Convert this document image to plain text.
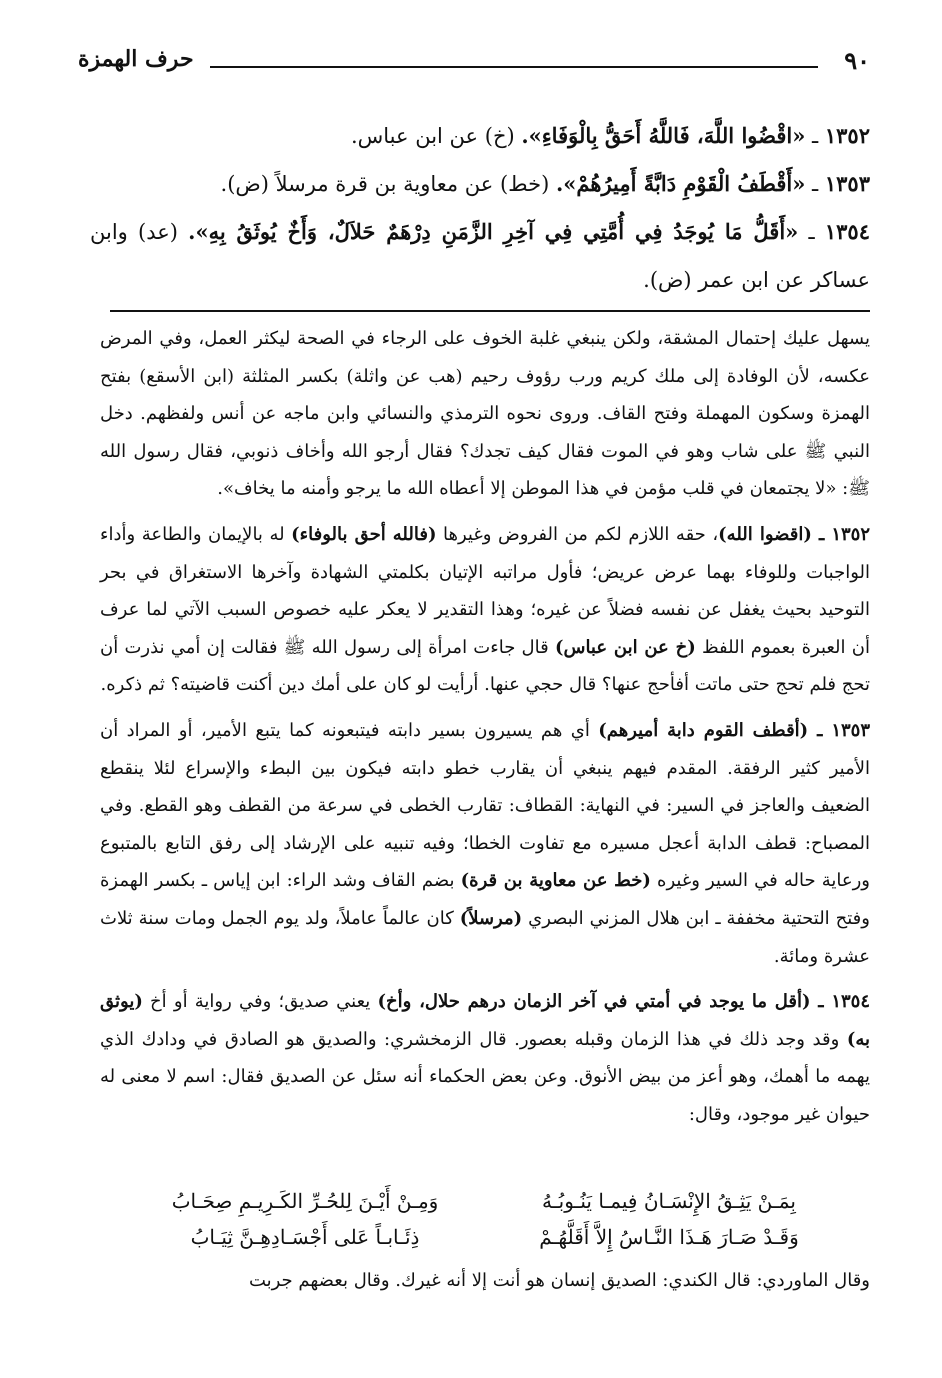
٩٠
حرف الهمزة

١٣٥٢ ـ «اقْضُوا اللَّهَ، فَاللَّهُ أَحَقُّ بِالْوَفَاءِ». (خ) عن ابن عباس.

١٣٥٣ ـ «أَقْطَفُ الْقَوْمِ دَابَّةً أَمِيرُهُمْ». (خط) عن معاوية بن قرة مرسلاً (ض).

١٣٥٤ ـ «أَقَلُّ مَا يُوجَدُ فِي أُمَّتِي فِي آخِرِ الزَّمَنِ دِرْهَمٌ حَلاَلٌ، وَأَخٌ يُوثَقُ بِهِ». (عد) وابن عساكر عن ابن عمر (ض).

يسهل عليك إحتمال المشقة، ولكن ينبغي غلبة الخوف على الرجاء في الصحة ليكثر العمل، وفي المرض عكسه، لأن الوفادة إلى ملك كريم ورب رؤوف رحيم (هب عن واثلة) بكسر المثلثة (ابن الأسقع) بفتح الهمزة وسكون المهملة وفتح القاف. وروى نحوه الترمذي والنسائي وابن ماجه عن أنس ولفظهم. دخل النبي ﷺ على شاب وهو في الموت فقال كيف تجدك؟ فقال أرجو الله وأخاف ذنوبي، فقال رسول الله ﷺ: «لا يجتمعان في قلب مؤمن في هذا الموطن إلا أعطاه الله ما يرجو وأمنه ما يخاف».

١٣٥٢ ـ (اقضوا الله)، حقه اللازم لكم من الفروض وغيرها (فالله أحق بالوفاء) له بالإيمان والطاعة وأداء الواجبات وللوفاء بهما عرض عريض؛ فأول مراتبه الإتيان بكلمتي الشهادة وآخرها الاستغراق في بحر التوحيد بحيث يغفل عن نفسه فضلاً عن غيره؛ وهذا التقدير لا يعكر عليه خصوص السبب الآتي لما عرف أن العبرة بعموم اللفظ (خ عن ابن عباس) قال جاءت امرأة إلى رسول الله ﷺ فقالت إن أمي نذرت أن تحج فلم تحج حتى ماتت أفأحج عنها؟ قال حجي عنها. أرأيت لو كان على أمك دين أكنت قاضيته؟ ثم ذكره.

١٣٥٣ ـ (أقطف القوم دابة أميرهم) أي هم يسيرون بسير دابته فيتبعونه كما يتبع الأمير، أو المراد أن الأمير كثير الرفقة. المقدم فيهم ينبغي أن يقارب خطو دابته فيكون بين البطء والإسراع لئلا ينقطع الضعيف والعاجز في السير: في النهاية: القطاف: تقارب الخطى في سرعة من القطف وهو القطع. وفي المصباح: قطف الدابة أعجل مسيره مع تفاوت الخطا؛ وفيه تنبيه على الإرشاد إلى رفق التابع بالمتبوع ورعاية حاله في السير وغيره (خط عن معاوية بن قرة) بضم القاف وشد الراء: ابن إياس ـ بكسر الهمزة وفتح التحتية مخففة ـ ابن هلال المزني البصري (مرسلاً) كان عالماً عاملاً، ولد يوم الجمل ومات سنة ثلاث عشرة ومائة.

١٣٥٤ ـ (أقل ما يوجد في أمتي في آخر الزمان درهم حلال، وأخ) يعني صديق؛ وفي رواية أو أخ (يوثق به) وقد وجد ذلك في هذا الزمان وقبله بعصور. قال الزمخشري: والصديق هو الصادق في ودادك الذي يهمه ما أهمك، وهو أعز من بيض الأنوق. وعن بعض الحكماء أنه سئل عن الصديق فقال: اسم لا معنى له حيوان غير موجود، وقال:

بِمَـنْ يَثِـقُ الإِنْسَـانُ فِيمـا يَنُـوبُـهُ
وَمِـنْ أَيْـنَ لِلحُـرِّ الكَـرِيـمِ صِحَـابُ
وَقَـدْ صَـارَ هَـذَا النَّـاسُ إِلاَّ أَقَلَّهُـمْ
ذِئَـابـاً عَلى أَجْسَـادِهِـنَّ ثِيَـابُ

وقال الماوردي: قال الكندي: الصديق إنسان هو أنت إلا أنه غيرك. وقال بعضهم جربت
